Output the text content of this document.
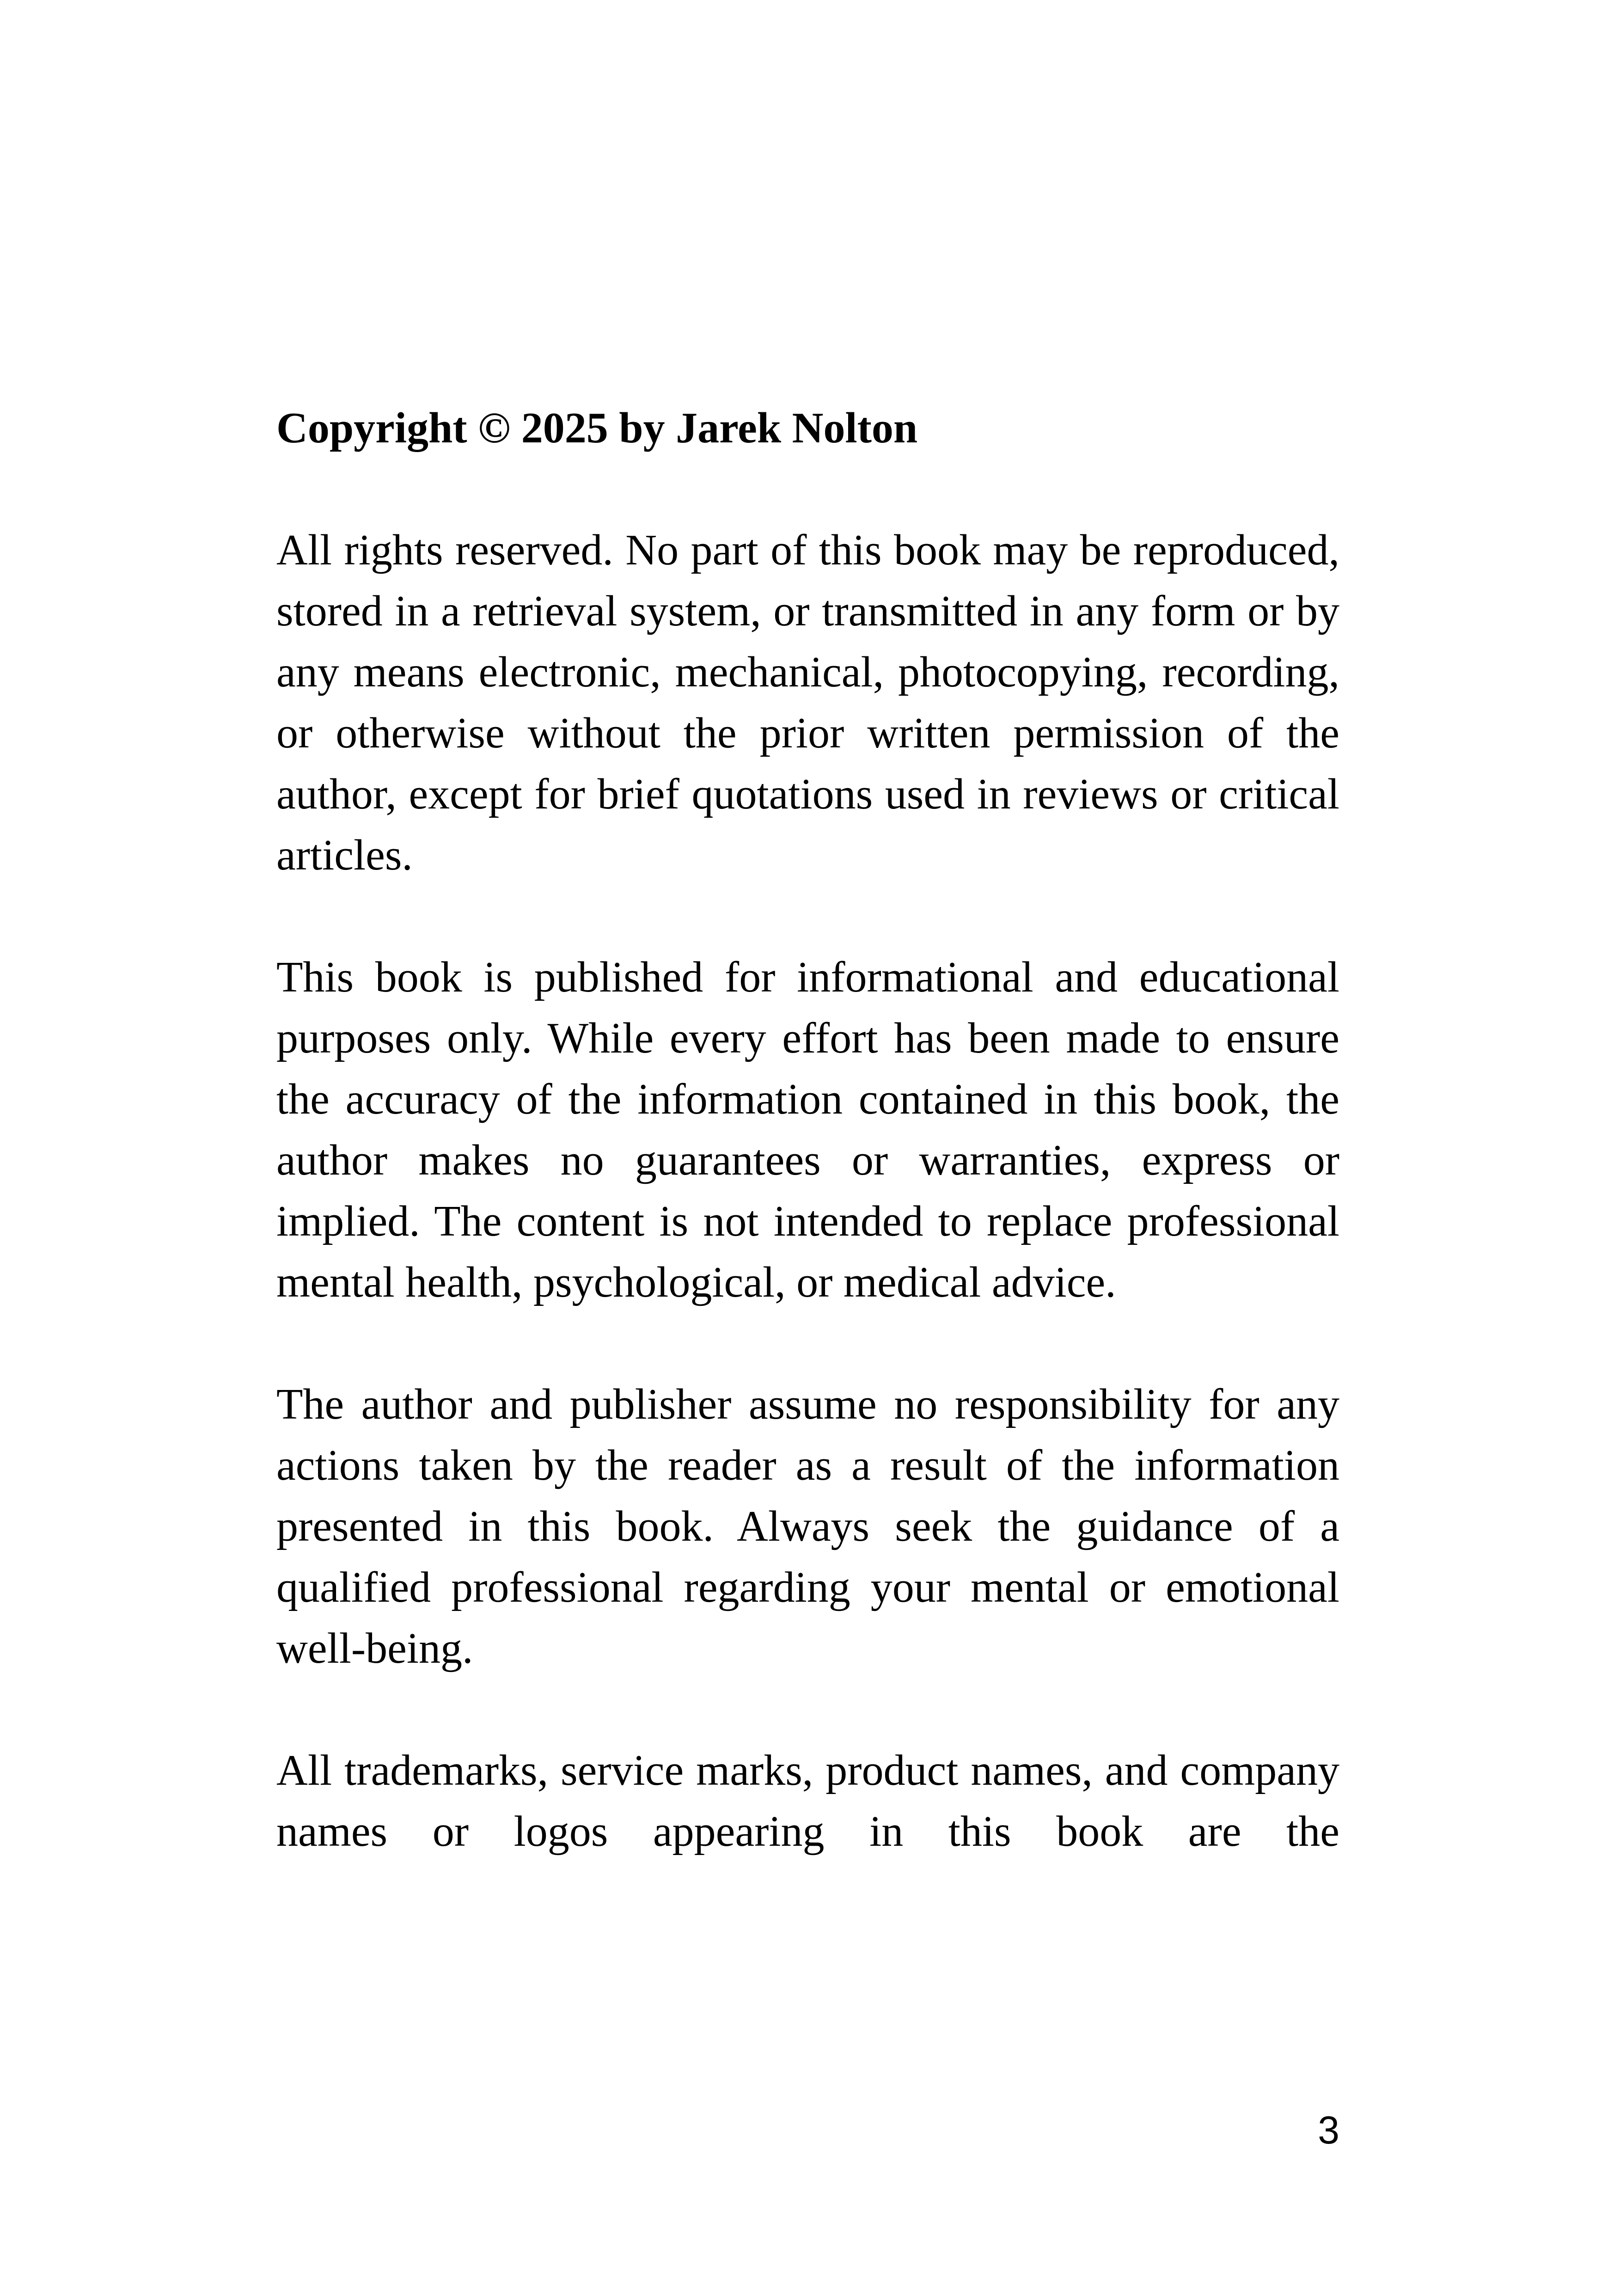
Copyright © 2025 by Jarek Nolton

All rights reserved. No part of this book may be reproduced, stored in a retrieval system, or transmitted in any form or by any means electronic, mechanical, photocopying, recording, or otherwise without the prior written permission of the author, except for brief quotations used in reviews or critical articles.

This book is published for informational and educational purposes only. While every effort has been made to ensure the accuracy of the information contained in this book, the author makes no guarantees or warranties, express or implied. The content is not intended to replace professional mental health, psychological, or medical advice.

The author and publisher assume no responsibility for any actions taken by the reader as a result of the information presented in this book. Always seek the guidance of a qualified professional regarding your mental or emotional well-being.

All trademarks, service marks, product names, and company names or logos appearing in this book are the

3
